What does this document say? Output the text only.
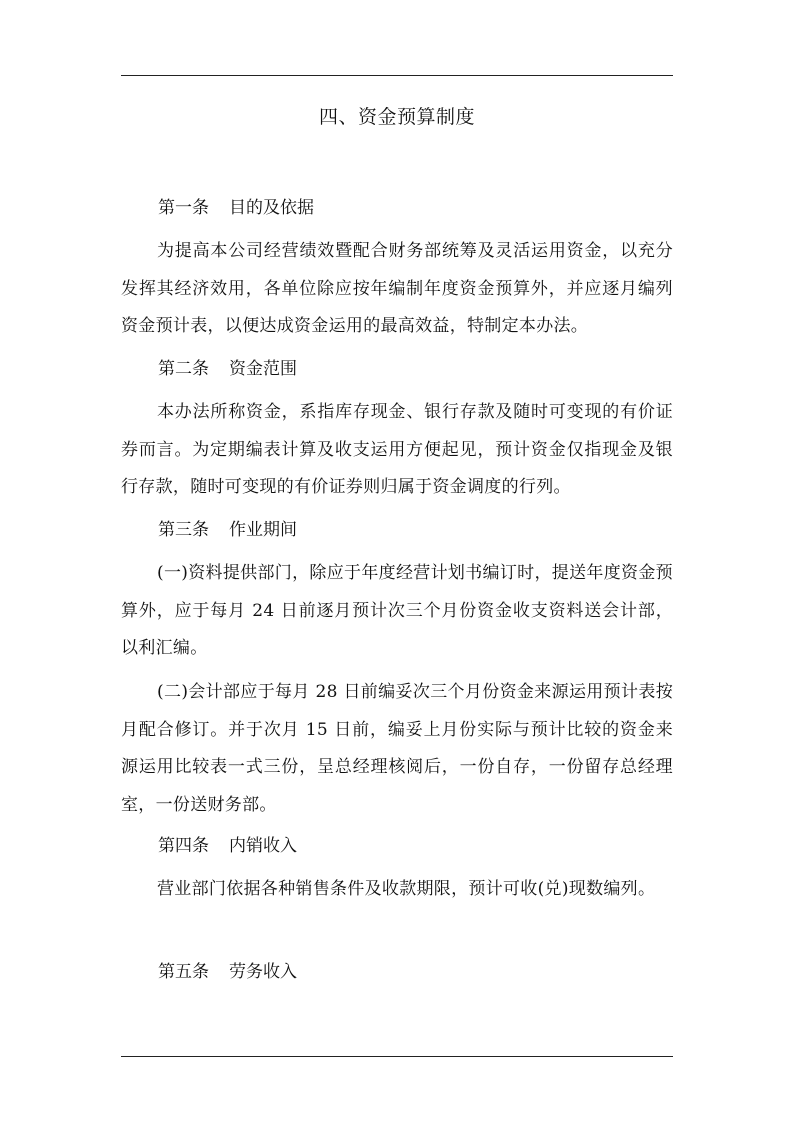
四、资金预算制度
第一条 目的及依据
为提高本公司经营绩效暨配合财务部统筹及灵活运用资金，以充分发挥其经济效用，各单位除应按年编制年度资金预算外，并应逐月编列资金预计表，以便达成资金运用的最高效益，特制定本办法。
第二条 资金范围
本办法所称资金，系指库存现金、银行存款及随时可变现的有价证券而言。为定期编表计算及收支运用方便起见，预计资金仅指现金及银行存款，随时可变现的有价证券则归属于资金调度的行列。
第三条 作业期间
(一)资料提供部门，除应于年度经营计划书编订时，提送年度资金预算外，应于每月 24 日前逐月预计次三个月份资金收支资料送会计部，以利汇编。
(二)会计部应于每月 28 日前编妥次三个月份资金来源运用预计表按月配合修订。并于次月 15 日前，编妥上月份实际与预计比较的资金来源运用比较表一式三份，呈总经理核阅后，一份自存，一份留存总经理室，一份送财务部。
第四条 内销收入
营业部门依据各种销售条件及收款期限，预计可收(兑)现数编列。
第五条 劳务收入
